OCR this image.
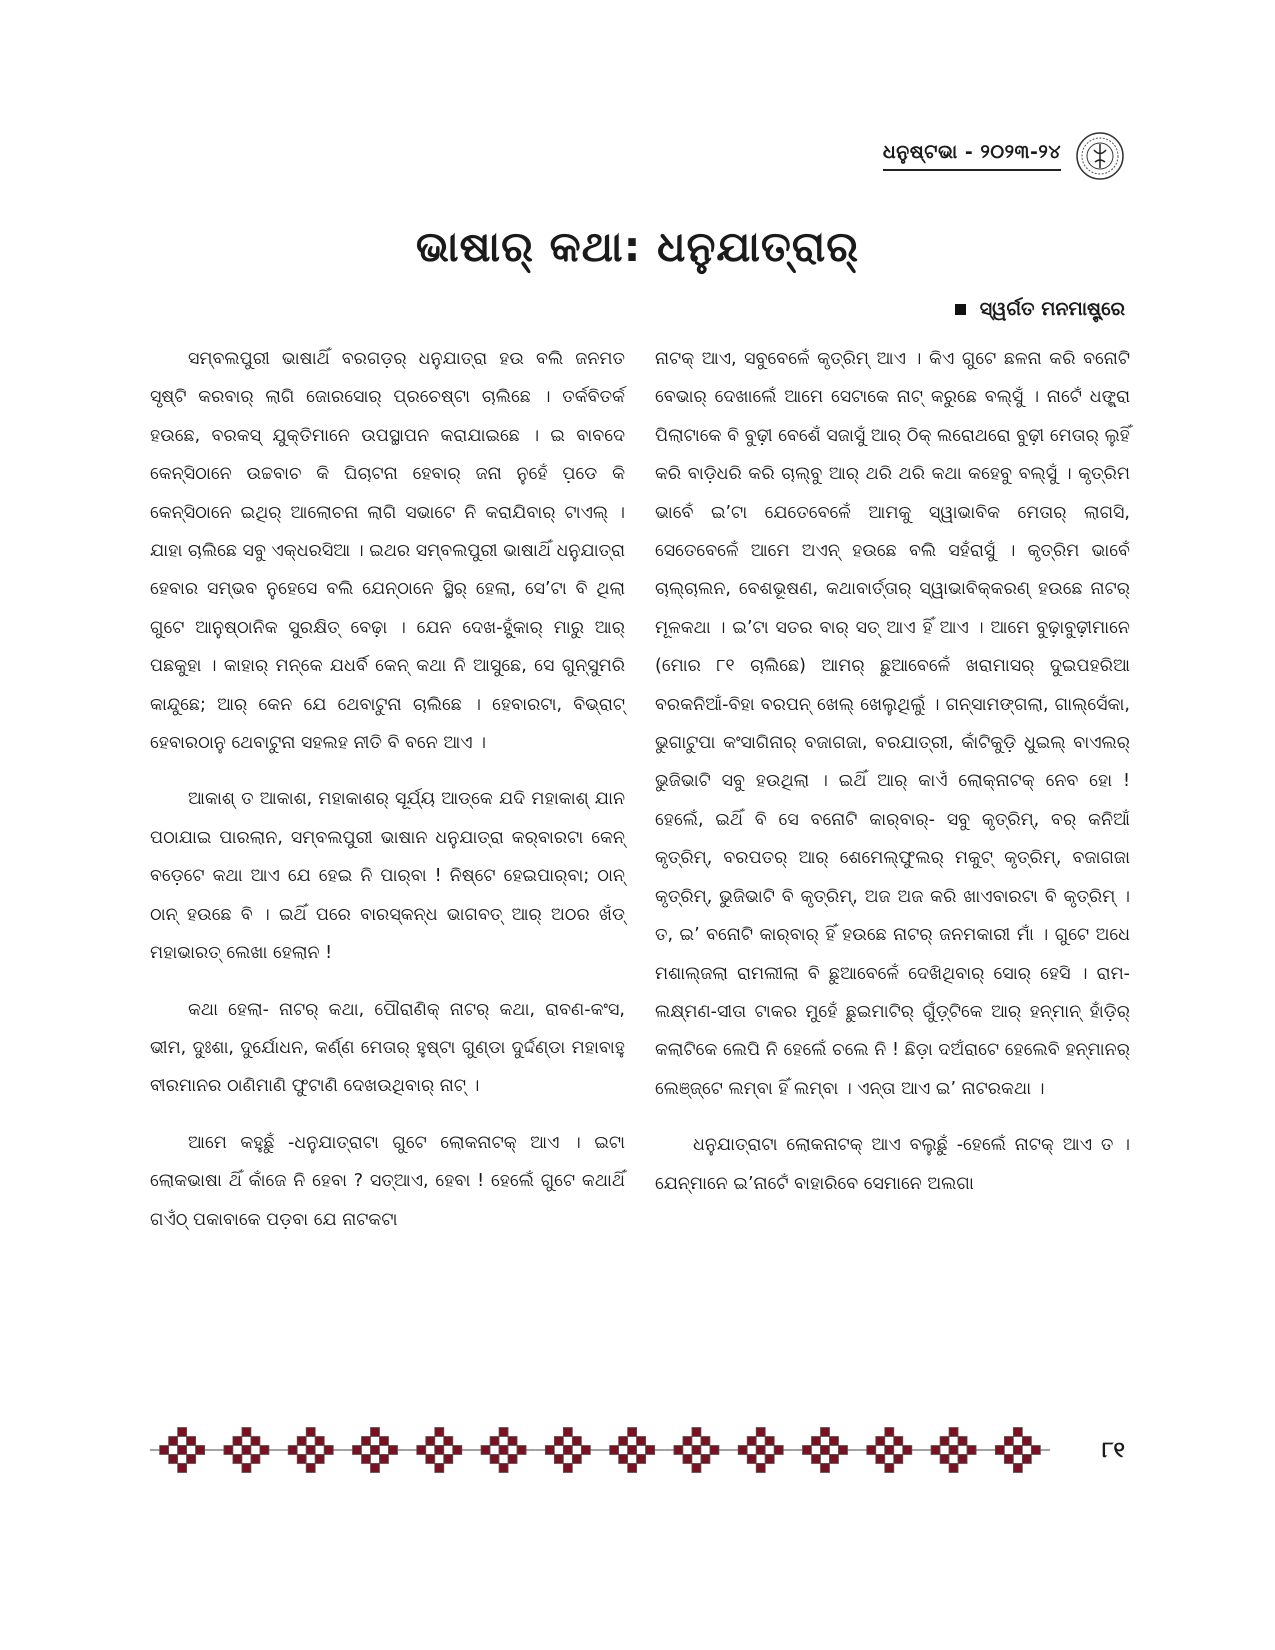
ଧନୁଷ୍ଟଭା - ୨୦୨୩-୨୪
ଭାଷାର୍ କଥା: ଧନୁଯାତ୍ରାର୍
ସ୍ୱର୍ଗତ ମନମାଷ୍ଟ୍ରେ

ସମ୍ବଲପୁରୀ ଭାଷାଥିଁ ବରଗଡ଼ର୍ ଧନୁଯାତ୍ରା ହଉ ବଲି ଜନମତ ସୃଷ୍ଟି କରବାର୍ ଲାଗି ଜୋରସୋର୍ ପ୍ରଚେଷ୍ଟା ଚାଲିଛେ । ତର୍କବିତର୍କ ହଉଛେ, ବରକସ୍ ଯୁକ୍ତିମାନେ ଉପସ୍ଥାପନ କରାଯାଇଛେ । ଇ ବାବଦେ କେନ୍‌ସିଠାନେ ଉଚ୍ଚବାଚ କି ଘିଚାଟନା ହେବାର୍ ଜନା ନୁହେଁ ପଡେ଼ କି କେନ୍‌ସିଠାନେ ଇଥିର୍ ଆଲୋଚନା ଲାଗି ସଭାଟେ ନି କରାଯିବାର୍ ଟାଏଲ୍ । ଯାହା ଚାଲିଛେ ସବୁ ଏକ୍‌ଧରସିଆ । ଇଥର ସମ୍ବଲପୁରୀ ଭାଷାଥିଁ ଧନୁଯାତ୍ରା ହେବାର ସମ୍ଭବ ନୁହେସେ ବଲି ଯେନ୍‌ଠାନେ ସ୍ଥିର୍ ହେଲା, ସେ’ଟା ବି ଥିଲା ଗୁଟେ ଆନୁଷ୍ଠାନିକ ସୁରକ୍ଷିତ୍ ବେଢ଼ା । ଯେନ ଦେଖ-ହୁଁକାର୍ ମାରୁ ଆର୍ ପଛକୁହା । କାହାର୍ ମନ୍‌କେ ଯଧର୍ବି କେନ୍ କଥା ନି ଆସୁଛେ, ସେ ଗୁନ୍‌ସୁମରି କାନ୍ଦୁଛେ; ଆର୍ କେନ ଯେ ଥେବାଟୁନା ଚାଲିଛେ । ହେବାରଟା, ବିଭ୍ରାଟ୍ ହେବାରଠାନୁ ଥେବାଟୁନା ସହଲହ ନୀତି ବି ବନେ ଆଏ ।

ଆକାଶ୍ ତ ଆକାଶ, ମହାକାଶର୍ ସୂର୍ଯ୍ୟ ଆଡ୍‌କେ ଯଦି ମହାକାଶ୍ ଯାନ ପଠାଯାଇ ପାରଲାନ, ସମ୍ବଲପୁରୀ ଭାଷାନ ଧନୁଯାତ୍ରା କର୍‌ବାରଟା କେନ୍ ବଡ଼େଟେ କଥା ଆଏ ଯେ ହେଇ ନି ପାର୍‌ବା ! ନିଷ୍ଟେ ହେଇପାର୍‌ବା; ଠାନ୍ ଠାନ୍ ହଉଛେ ବି । ଇଥିଁ ପରେ ବାରସ୍କନ୍ଧ ଭାଗବତ୍ ଆର୍ ଅଠର ଖଁଡ୍ ମହାଭାରତ୍ ଲେଖା ହେଲାନ !

କଥା ହେଲା- ନାଟର୍ କଥା, ପୌରାଣିକ୍ ନାଟର୍ କଥା, ରାବଣ-କଂସ, ଭୀମ, ଦୁଃଶା, ଦୁର୍ଯୋଧନ, କର୍ଣ୍ଣ ମେତାର୍ ହୁଷ୍ଟା ଗୁଣ୍ଡା ଦୁର୍ଦ୍ଦଣ୍ଡା ମହାବାହୁ ବୀରମାନର ଠାଣିମାଣି ଫୁଟାଣି ଦେଖଉଥିବାର୍ ନାଟ୍ ।

ଆମେ କହୁଛୁଁ -ଧନୁଯାତ୍ରାଟା ଗୁଟେ ଲୋକନାଟକ୍ ଆଏ । ଇଟା ଲୋକଭାଷା ଥିଁ କାଁଜେ ନି ହେବା ? ସତ୍‌ଆଏ, ହେବା ! ହେଲେଁ ଗୁଟେ କଥାଥିଁ ଗଏଁଠ୍ ପକାବାକେ ପଡ଼ବା ଯେ ନାଟକଟା

ନାଟକ୍ ଆଏ, ସବୁବେଳେଁ କୃତ୍ରିମ୍ ଆଏ । କିଏ ଗୁଟେ ଛଳନା କରି ବନୋଟି ବେଭାର୍ ଦେଖାଲେଁ ଆମେ ସେଟାକେ ନାଟ୍ କରୁଛେ ବଲ୍‌ସୁଁ । ନାଟେଁ ଧଙ୍ଗ୍ରା ପିଲାଟାକେ ବି ବୁଢ଼ୀ ବେଶେଁ ସଜାସୁଁ ଆର୍ ଠିକ୍ ଲରୋଥରୋ ବୁଢ଼ୀ ମେତାର୍ ଲୁହିଁ କରି ବାଡ଼ିଧରି କରି ଚାଲ୍‌ବୁ ଆର୍ ଥରି ଥରି କଥା କହେବୁ ବଲ୍‌ସୁଁ । କୃତ୍ରିମ ଭାବେଁ ଇ’ଟା ଯେତେବେଳେଁ ଆମକୁ ସ୍ୱାଭାବିକ ମେତାର୍ ଲାଗସି, ସେତେବେଳେଁ ଆମେ ଅଏନ୍ ହଉଛେ ବଲି ସହଁରାସୁଁ । କୃତ୍ରିମ ଭାବେଁ ଚାଲ୍‌ଚାଲନ, ବେଶଭୂଷଣ, କଥାବାର୍ତ୍ତାର୍ ସ୍ୱାଭାବିକ୍‌କରଣ୍ ହଉଛେ ନାଟର୍ ମୂଳକଥା । ଇ’ଟା ସତର ବାର୍ ସତ୍ ଆଏ ହିଁ ଆଏ । ଆମେ ବୁଢ଼ାବୁଢ଼ୀମାନେ (ମୋର ୮୧ ଚାଲିଛେ) ଆମର୍ ଛୁଆବେଳେଁ ଖରାମାସର୍ ଦୁଇପହରିଆ ବରକନିଆଁ-ବିହା ବରପନ୍ ଖେଲ୍ ଖେଲୁଥିଲୁଁ । ଗନ୍‌ସାମଙ୍ଗଲା, ଗାଲ୍‌ସେଁକା, ଭୁଗାଟୁପା କଂସାଗିନାର୍ ବଜାଗଜା, ବରଯାତ୍ରୀ, କାଁଟିକୁଡ଼ି ଧୁଇଲ୍ ବାଏଲର୍ ଭୁଜିଭାଟି ସବୁ ହଉଥିଲା । ଇଥିଁ ଆର୍ କାଏଁ ଲୋକ୍‌ନାଟକ୍ ନେବ ହୋ ! ହେଲେଁ, ଇଥିଁ ବି ସେ ବନୋଟି କାର୍‌ବାର୍- ସବୁ କୃତ୍ରିମ୍, ବର୍ କନିଆଁ କୃତ୍ରିମ୍, ବରପତର୍ ଆର୍ ଶେମେଲ୍‌ଫୁଲର୍ ମକୁଟ୍ କୃତ୍ରିମ୍, ବଜାଗଜା କୃତ୍ରିମ୍, ଭୁଜିଭାଟି ବି କୃତ୍ରିମ୍, ଅଜ ଅଜ କରି ଖାଏବାରଟା ବି କୃତ୍ରିମ୍ । ତ, ଇ’ ବନୋଟି କାର୍‌ବାର୍ ହିଁ ହଉଛେ ନାଟର୍ ଜନମକାରୀ ମାଁ । ଗୁଟେ ଅଧେ ମଶାଲ୍‌ଜଲା ରାମଲୀଲା ବି ଛୁଆବେଳେଁ ଦେଖିଥିବାର୍ ସୋର୍ ହେସି । ରାମ-ଲକ୍ଷ୍ମଣ-ସୀତା ଟାକର ମୁହେଁ ଛୁଇମାଟିର୍ ଗୁଁଡ଼୍‌ଟିକେ ଆର୍ ହନ୍‌ମାନ୍ ହାଁଡ଼ିର୍ କଲାଟିକେ ଲେପି ନି ହେଲେଁ ଚଲେ ନି ! ଛିଡ଼ା ଦଅଁରାଟେ ହେଲେବି ହନ୍‌ମାନର୍ ଲେଞ୍ଜ୍‌ଟେ ଲମ୍ବା ହିଁ ଲମ୍ବା । ଏନ୍ତା ଆଏ ଇ’ ନାଟରକଥା ।

ଧନୁଯାତ୍ରାଟା ଲୋକନାଟକ୍ ଆଏ ବଲୁଛୁଁ -ହେଲେଁ ନାଟକ୍ ଆଏ ତ । ଯେନ୍‌ମାନେ ଇ’ନାଟେଁ ବାହାରିବେ ସେମାନେ ଅଲଗା

୮୧
